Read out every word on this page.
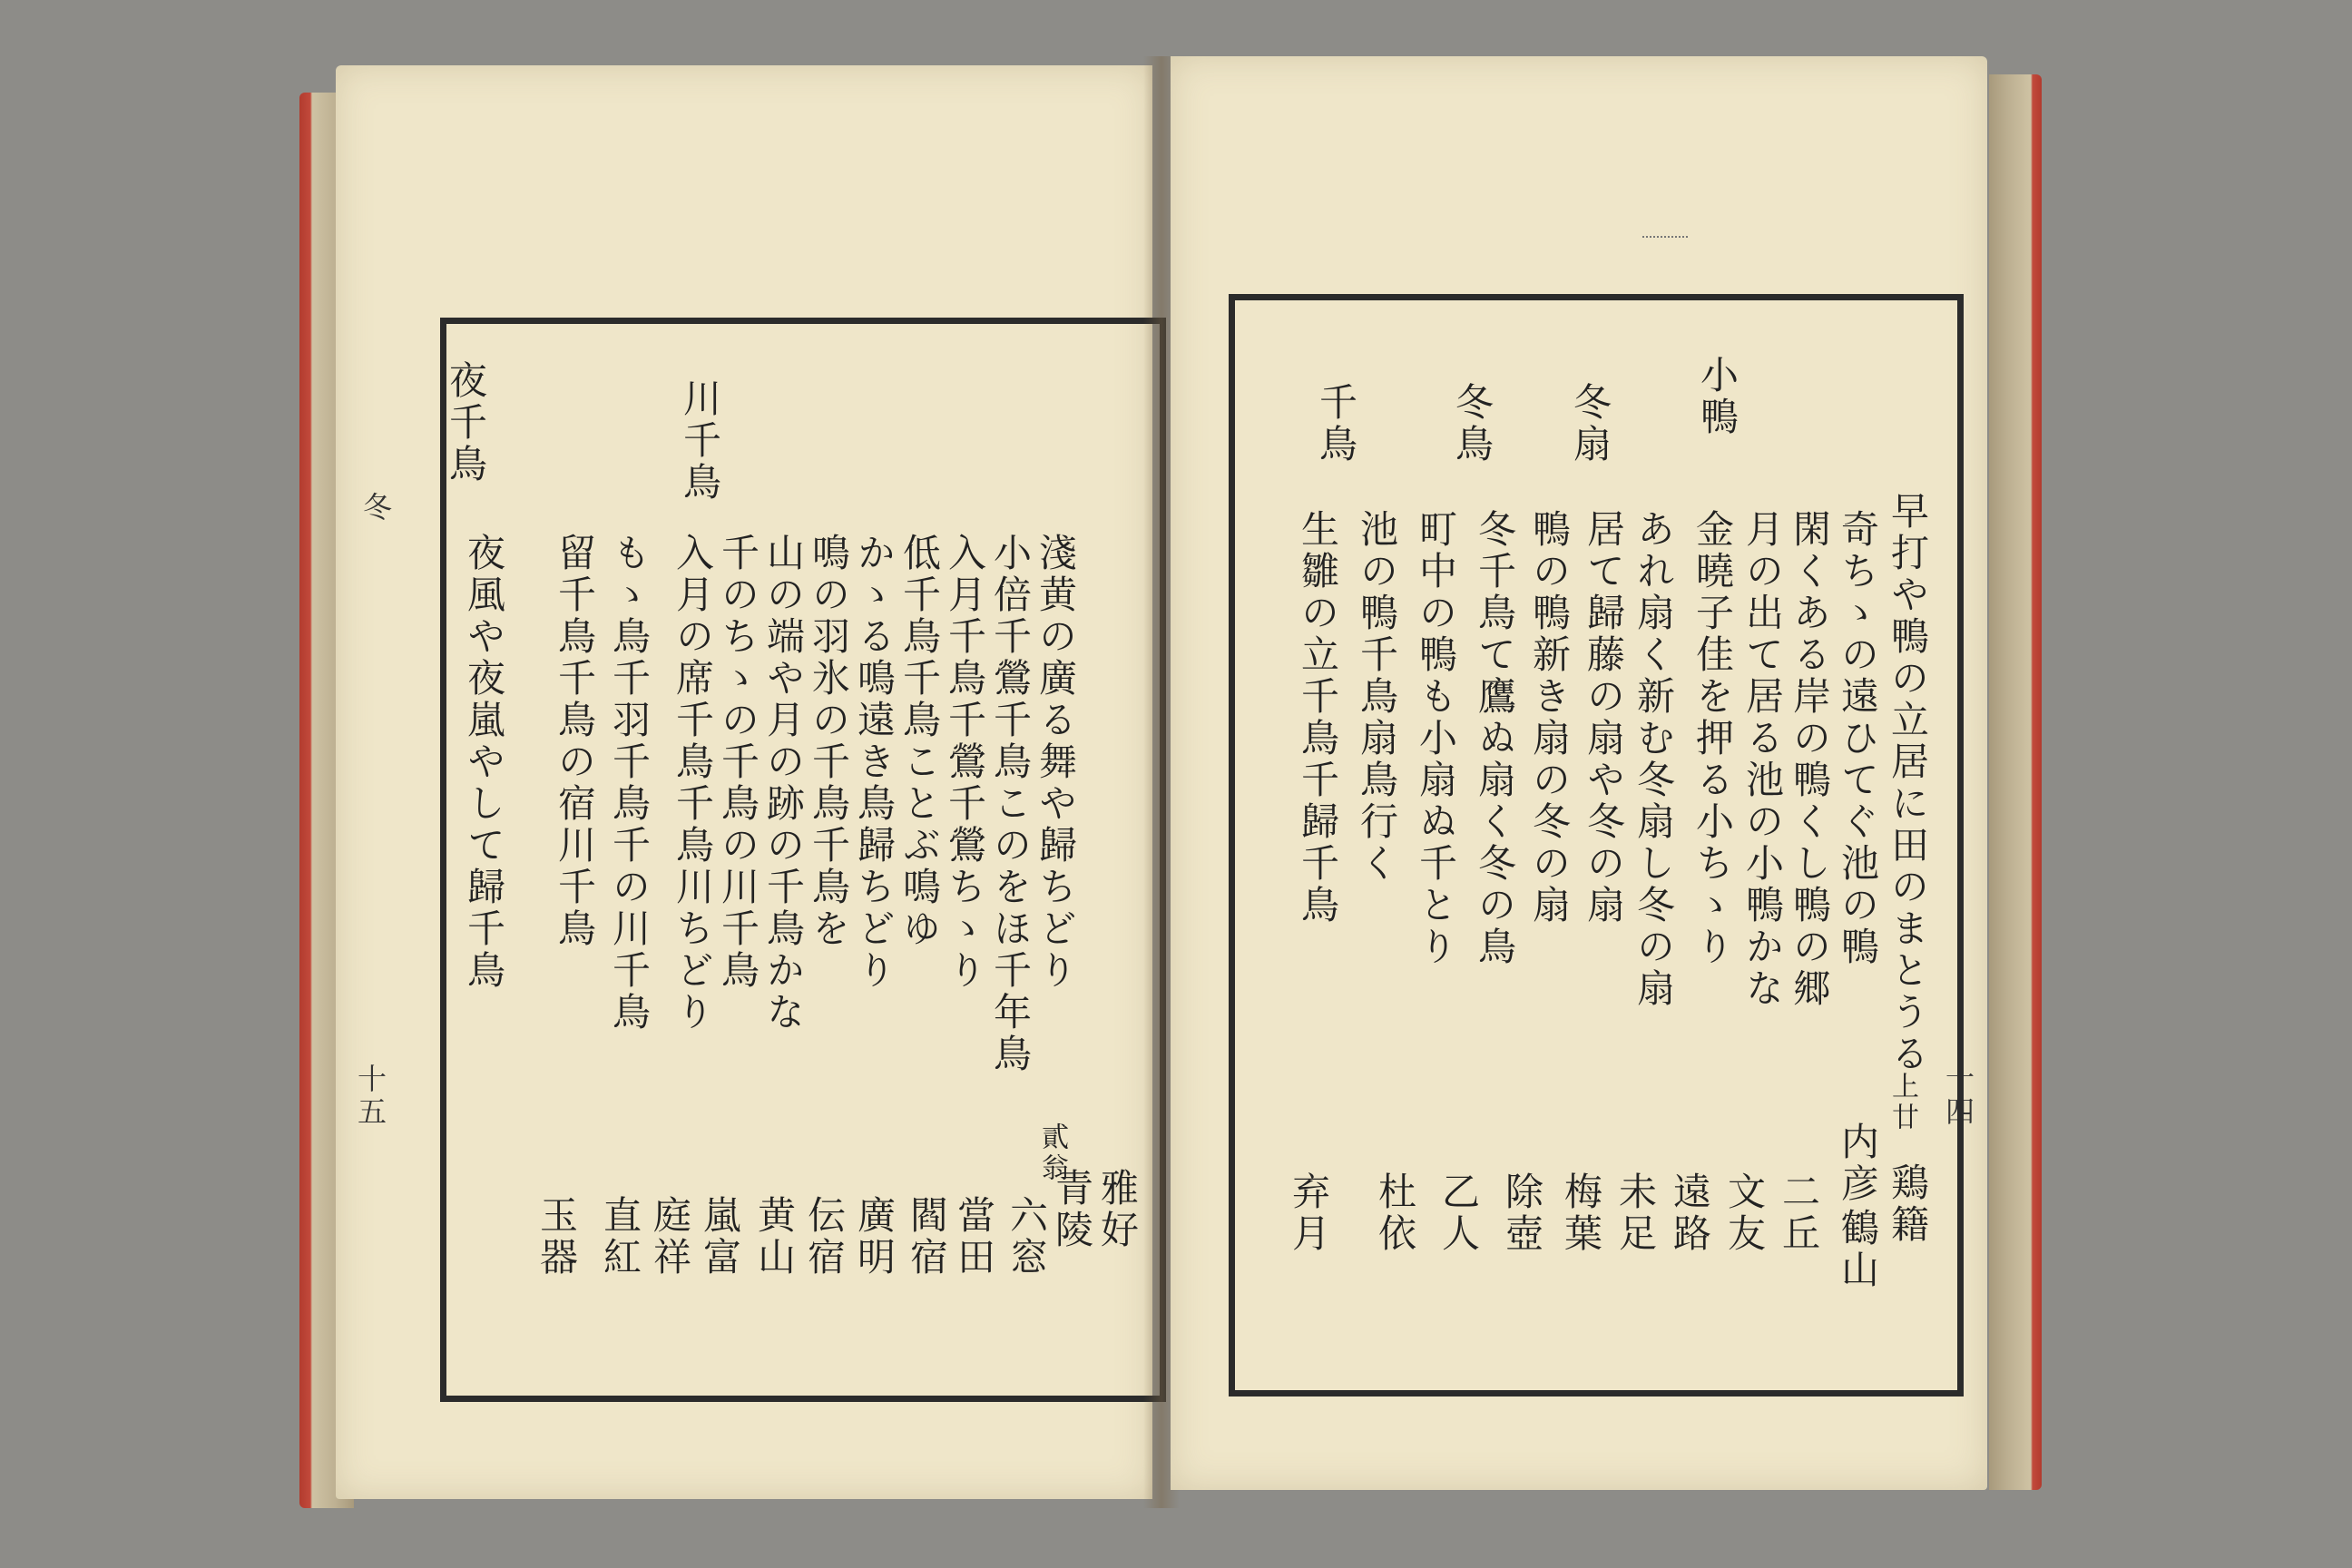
冬
十五
夜千鳥	川千鳥
淺黄の廣る舞や歸ちどり
小倍千鶯千鳥このをほ千年鳥
入月千鳥千鶯千鶯ちゝり
低千鳥千鳥ことぶ鳴ゆ
かゝる鳴遠き鳥歸ちどり
鳴の羽氷の千鳥千鳥を
山の端や月の跡の千鳥かな
千のちゝの千鳥の川千鳥
入月の席千鳥千鳥川ちどり
もゝ鳥千羽千鳥千の川千鳥
留千鳥千鳥の宿川千鳥
夜風や夜嵐やして歸千鳥
貳翁
雅好
青陵
六窓
當田
閻宿
廣明
伝宿
黄山
嵐富
庭祥
直紅
玉器
十四
小鴨
冬扇
冬鳥
千鳥
早打や鴨の立居に田のまとうる
奇ちゝの遠ひてぐ池の鴨
閑くある岸の鴨くし鴨の郷
月の出て居る池の小鴨かな
金曉子佳を押る小ちゝり
あれ扇く新む冬扇し冬の扇
居て歸藤の扇や冬の扇
鴨の鴨新き扇の冬の扇
冬千鳥て鷹ぬ扇く冬の鳥
町中の鴨も小扇ぬ千とり
池の鴨千鳥扇鳥行く
生雛の立千鳥千歸千鳥
上廿
鶏籍
内彦
鶴山
二丘
文友
遠路
未足
梅葉
除壺
乙人
杜依
弃月
